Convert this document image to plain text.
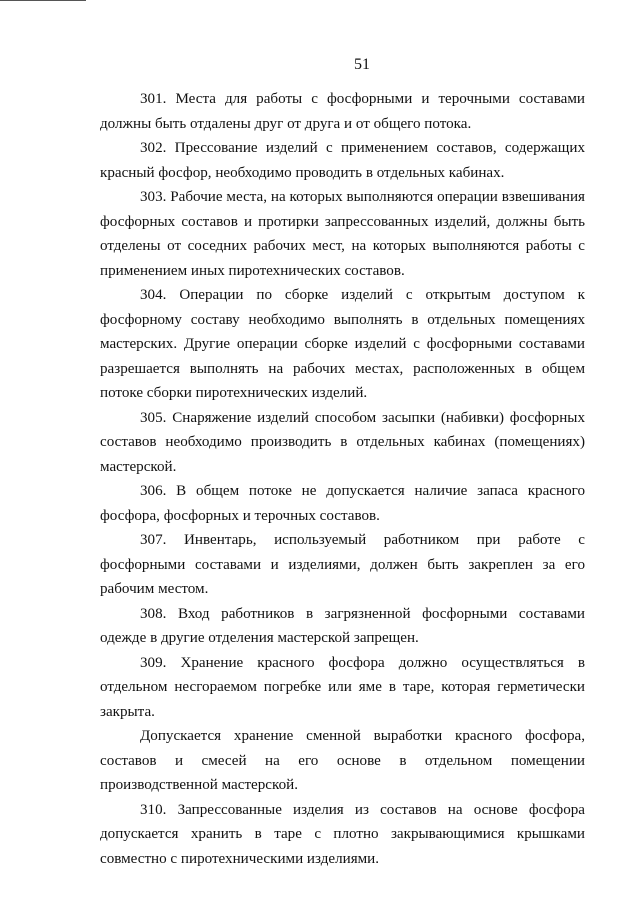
51

301. Места для работы с фосфорными и терочными составами должны быть отдалены друг от друга и от общего потока.

302. Прессование изделий с применением составов, содержащих красный фосфор, необходимо проводить в отдельных кабинах.

303. Рабочие места, на которых выполняются операции взвешивания фосфорных составов и протирки запрессованных изделий, должны быть отделены от соседних рабочих мест, на которых выполняются работы с применением иных пиротехнических составов.

304. Операции по сборке изделий с открытым доступом к фосфорному составу необходимо выполнять в отдельных помещениях мастерских. Другие операции сборке изделий с фосфорными составами разрешается выполнять на рабочих местах, расположенных в общем потоке сборки пиротехнических изделий.

305. Снаряжение изделий способом засыпки (набивки) фосфорных составов необходимо производить в отдельных кабинах (помещениях) мастерской.

306. В общем потоке не допускается наличие запаса красного фосфора, фосфорных и терочных составов.

307. Инвентарь, используемый работником при работе с фосфорными составами и изделиями, должен быть закреплен за его рабочим местом.

308. Вход работников в загрязненной фосфорными составами одежде в другие отделения мастерской запрещен.

309. Хранение красного фосфора должно осуществляться в отдельном несгораемом погребке или яме в таре, которая герметически закрыта.

Допускается хранение сменной выработки красного фосфора, составов и смесей на его основе в отдельном помещении производственной мастерской.

310. Запрессованные изделия из составов на основе фосфора допускается хранить в таре с плотно закрывающимися крышками совместно с пиротехническими изделиями.
